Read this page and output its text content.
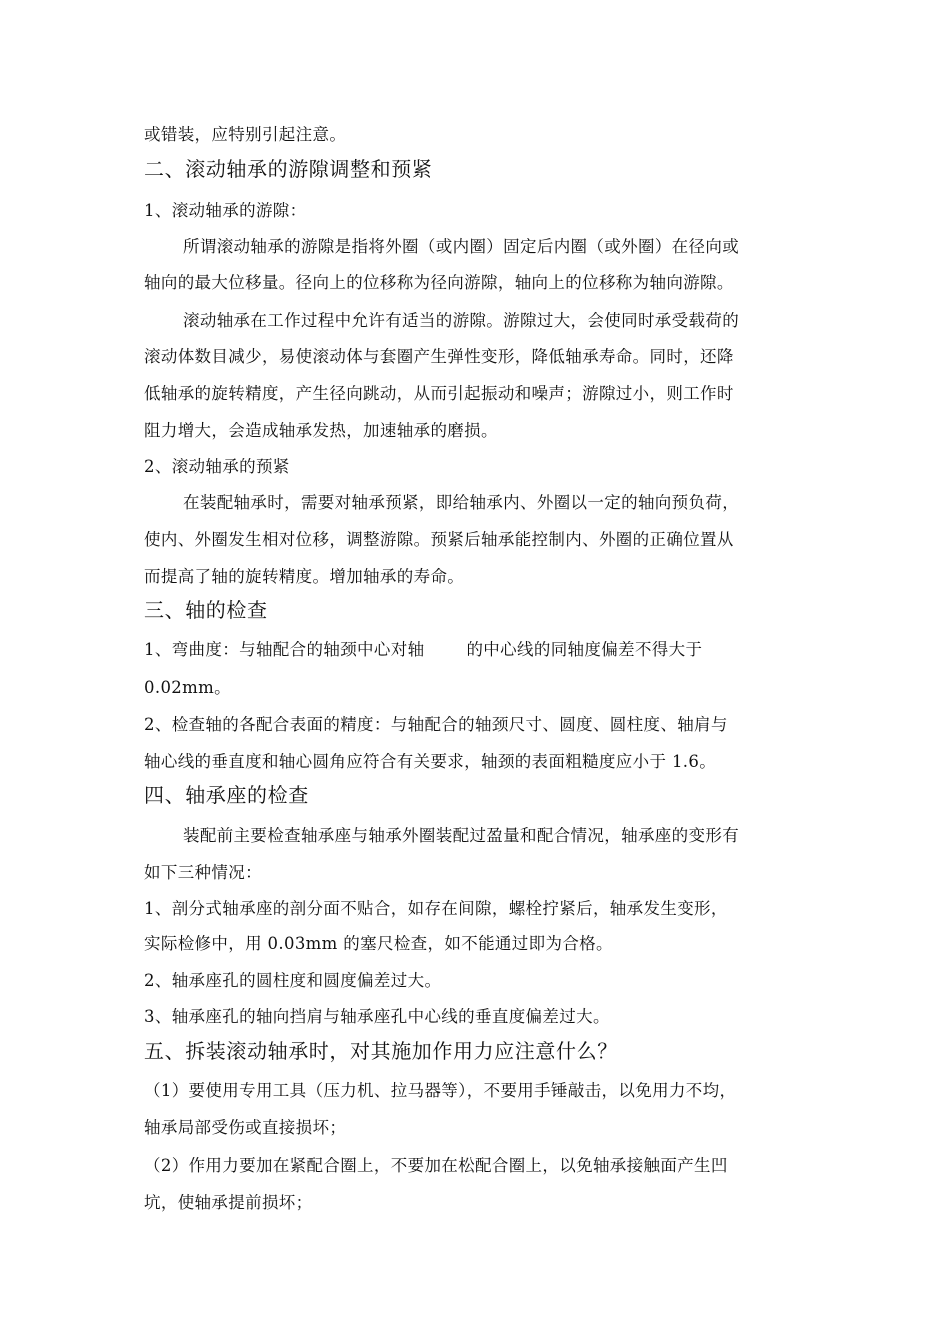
或错装，应特别引起注意。
二、滚动轴承的游隙调整和预紧
1、滚动轴承的游隙：
所谓滚动轴承的游隙是指将外圈（或内圈）固定后内圈（或外圈）在径向或
轴向的最大位移量。径向上的位移称为径向游隙，轴向上的位移称为轴向游隙。
滚动轴承在工作过程中允许有适当的游隙。游隙过大，会使同时承受载荷的
滚动体数目减少，易使滚动体与套圈产生弹性变形，降低轴承寿命。同时，还降
低轴承的旋转精度，产生径向跳动，从而引起振动和噪声；游隙过小，则工作时
阻力增大，会造成轴承发热，加速轴承的磨损。
2、滚动轴承的预紧
在装配轴承时，需要对轴承预紧，即给轴承内、外圈以一定的轴向预负荷，
使内、外圈发生相对位移，调整游隙。预紧后轴承能控制内、外圈的正确位置从
而提高了轴的旋转精度。增加轴承的寿命。
三、轴的检查
1、弯曲度：与轴配合的轴颈中心对轴	的中心线的同轴度偏差不得大于
0.02mm。
2、检查轴的各配合表面的精度：与轴配合的轴颈尺寸、圆度、圆柱度、轴肩与
轴心线的垂直度和轴心圆角应符合有关要求，轴颈的表面粗糙度应小于 1.6。
四、轴承座的检查
装配前主要检查轴承座与轴承外圈装配过盈量和配合情况，轴承座的变形有
如下三种情况：
1、剖分式轴承座的剖分面不贴合，如存在间隙，螺栓拧紧后，轴承发生变形，
实际检修中，用 0.03mm 的塞尺检查，如不能通过即为合格。
2、轴承座孔的圆柱度和圆度偏差过大。
3、轴承座孔的轴向挡肩与轴承座孔中心线的垂直度偏差过大。
五、拆装滚动轴承时，对其施加作用力应注意什么？
（1）要使用专用工具（压力机、拉马器等），不要用手锤敲击，以免用力不均，
轴承局部受伤或直接损坏；
（2）作用力要加在紧配合圈上，不要加在松配合圈上，以免轴承接触面产生凹
坑，使轴承提前损坏；
